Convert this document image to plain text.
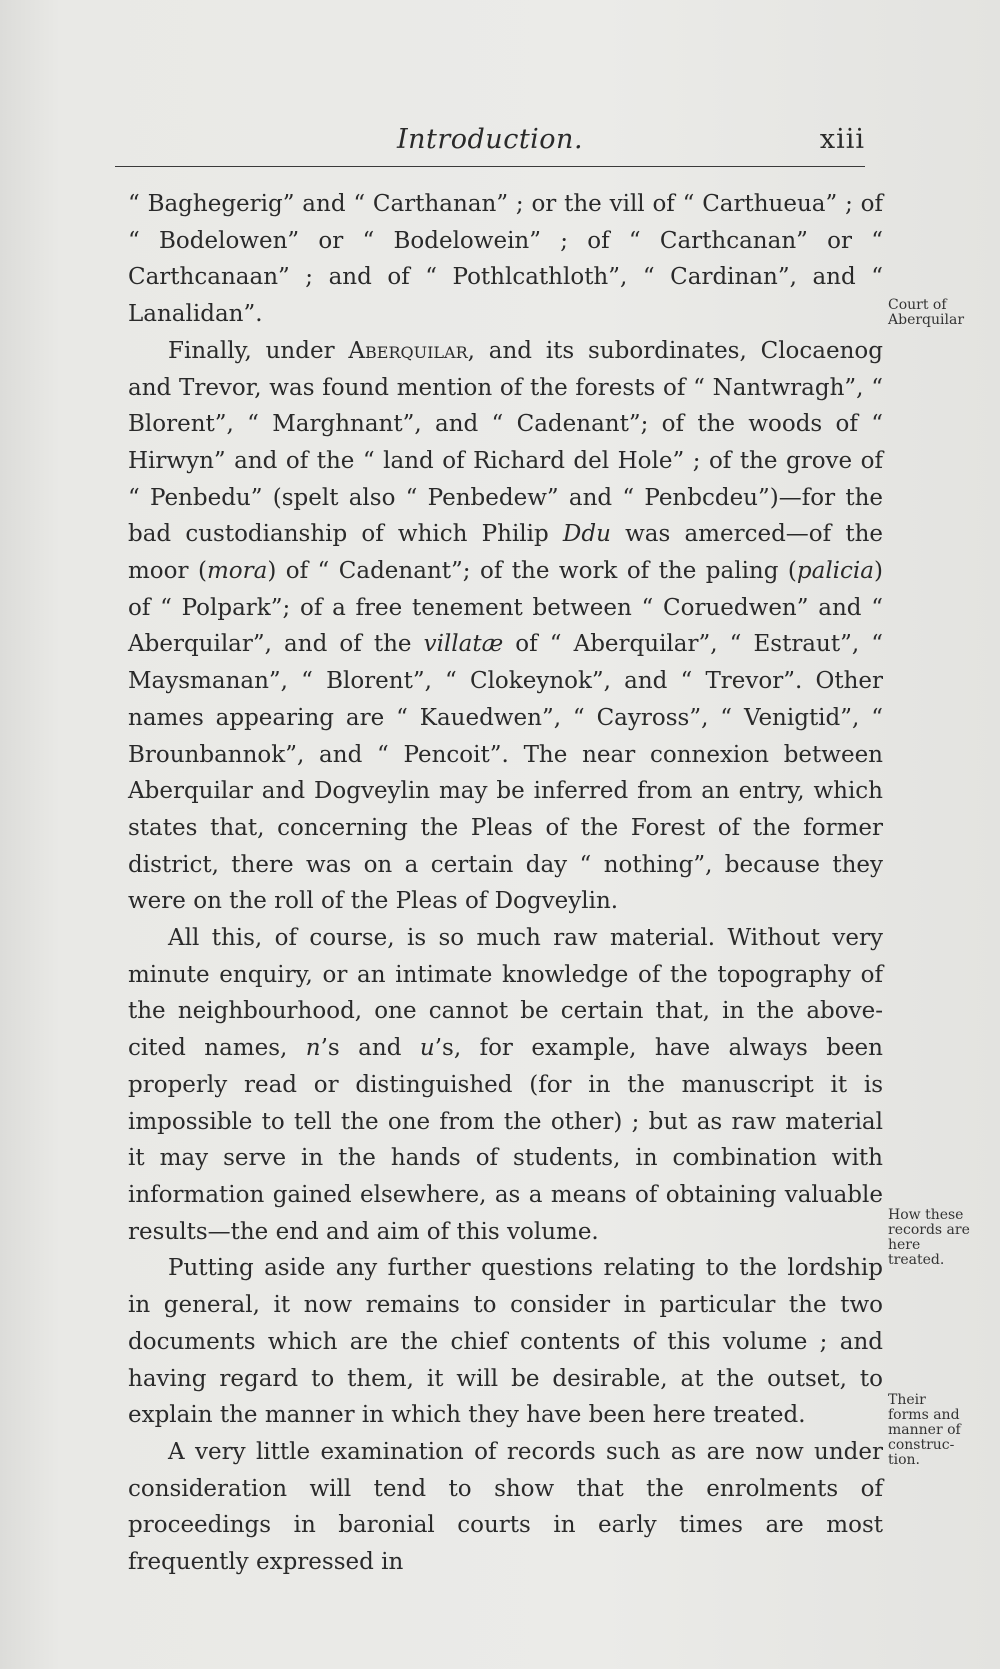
Introduction.	xiii

“ Baghegerig” and “ Carthanan” ; or the vill of “ Carthueua” ; of “ Bodelowen” or “ Bodelowein” ; of “ Carthcanan” or “ Carthcanaan” ; and of “ Pothlcathloth”, “ Cardinan”, and “ Lanalidan”.

Finally, under Aberquilar, and its subordinates, Clocaenog and Trevor, was found mention of the forests of “ Nantwragh”, “ Blorent”, “ Marghnant”, and “ Cadenant”; of the woods of “ Hirwyn” and of the “ land of Richard del Hole” ; of the grove of “ Penbedu” (spelt also “ Penbedew” and “ Penbcdeu”)—for the bad custodianship of which Philip Ddu was amerced—of the moor (mora) of “ Cadenant”; of the work of the paling (palicia) of “ Polpark”; of a free tenement between “ Coruedwen” and “ Aberquilar”, and of the villatæ of “ Aberquilar”, “ Estraut”, “ Maysmanan”, “ Blorent”, “ Clokeynok”, and “ Trevor”. Other names appearing are “ Kauedwen”, “ Cayross”, “ Venigtid”, “ Brounbannok”, and “ Pencoit”. The near connexion between Aberquilar and Dogveylin may be inferred from an entry, which states that, concerning the Pleas of the Forest of the former district, there was on a certain day “ nothing”, because they were on the roll of the Pleas of Dogveylin.

All this, of course, is so much raw material. Without very minute enquiry, or an intimate knowledge of the topography of the neighbourhood, one cannot be certain that, in the above-cited names, n’s and u’s, for example, have always been properly read or distinguished (for in the manuscript it is impossible to tell the one from the other) ; but as raw material it may serve in the hands of students, in combination with information gained elsewhere, as a means of obtaining valuable results—the end and aim of this volume.

Putting aside any further questions relating to the lordship in general, it now remains to consider in particular the two documents which are the chief contents of this volume ; and having regard to them, it will be desirable, at the outset, to explain the manner in which they have been here treated.

A very little examination of records such as are now under consideration will tend to show that the enrolments of proceedings in baronial courts in early times are most frequently expressed in

Court of
Aberquilar
How these
records are
here
treated.
Their
forms and
manner of
construc-
tion.
